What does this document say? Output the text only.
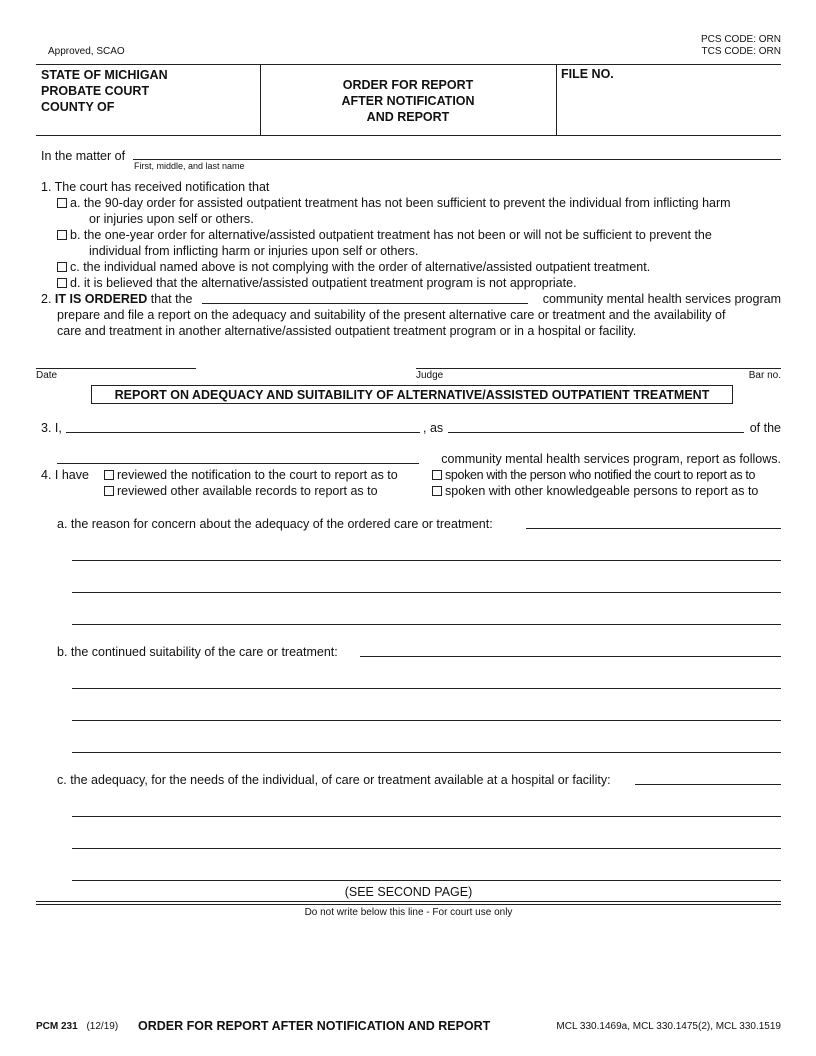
Approved, SCAO
PCS CODE: ORN
TCS CODE: ORN
STATE OF MICHIGAN
PROBATE COURT
COUNTY OF
ORDER FOR REPORT
AFTER NOTIFICATION
AND REPORT
FILE NO.
In the matter of
First, middle, and last name
1. The court has received notification that
a. the 90-day order for assisted outpatient treatment has not been sufficient to prevent the individual from inflicting harm
or injuries upon self or others.
b. the one-year order for alternative/assisted outpatient treatment has not been or will not be sufficient to prevent the
individual from inflicting harm or injuries upon self or others.
c. the individual named above is not complying with the order of alternative/assisted outpatient treatment.
d. it is believed that the alternative/assisted outpatient treatment program is not appropriate.
2. IT IS ORDERED that the	community mental health services program
prepare and file a report on the adequacy and suitability of the present alternative care or treatment and the availability of
care and treatment in another alternative/assisted outpatient treatment program or in a hospital or facility.
Date	Judge	Bar no.
REPORT ON ADEQUACY AND SUITABILITY OF ALTERNATIVE/ASSISTED OUTPATIENT TREATMENT
3. I,	, as	of the
community mental health services program, report as follows.
4. I have	reviewed the notification to the court to report as to	spoken with the person who notified the court to report as to
reviewed other available records to report as to	spoken with other knowledgeable persons to report as to
a. the reason for concern about the adequacy of the ordered care or treatment:
b. the continued suitability of the care or treatment:
c. the adequacy, for the needs of the individual, of care or treatment available at a hospital or facility:
(SEE SECOND PAGE)
Do not write below this line - For court use only
PCM 231 (12/19) ORDER FOR REPORT AFTER NOTIFICATION AND REPORT	MCL 330.1469a, MCL 330.1475(2), MCL 330.1519
